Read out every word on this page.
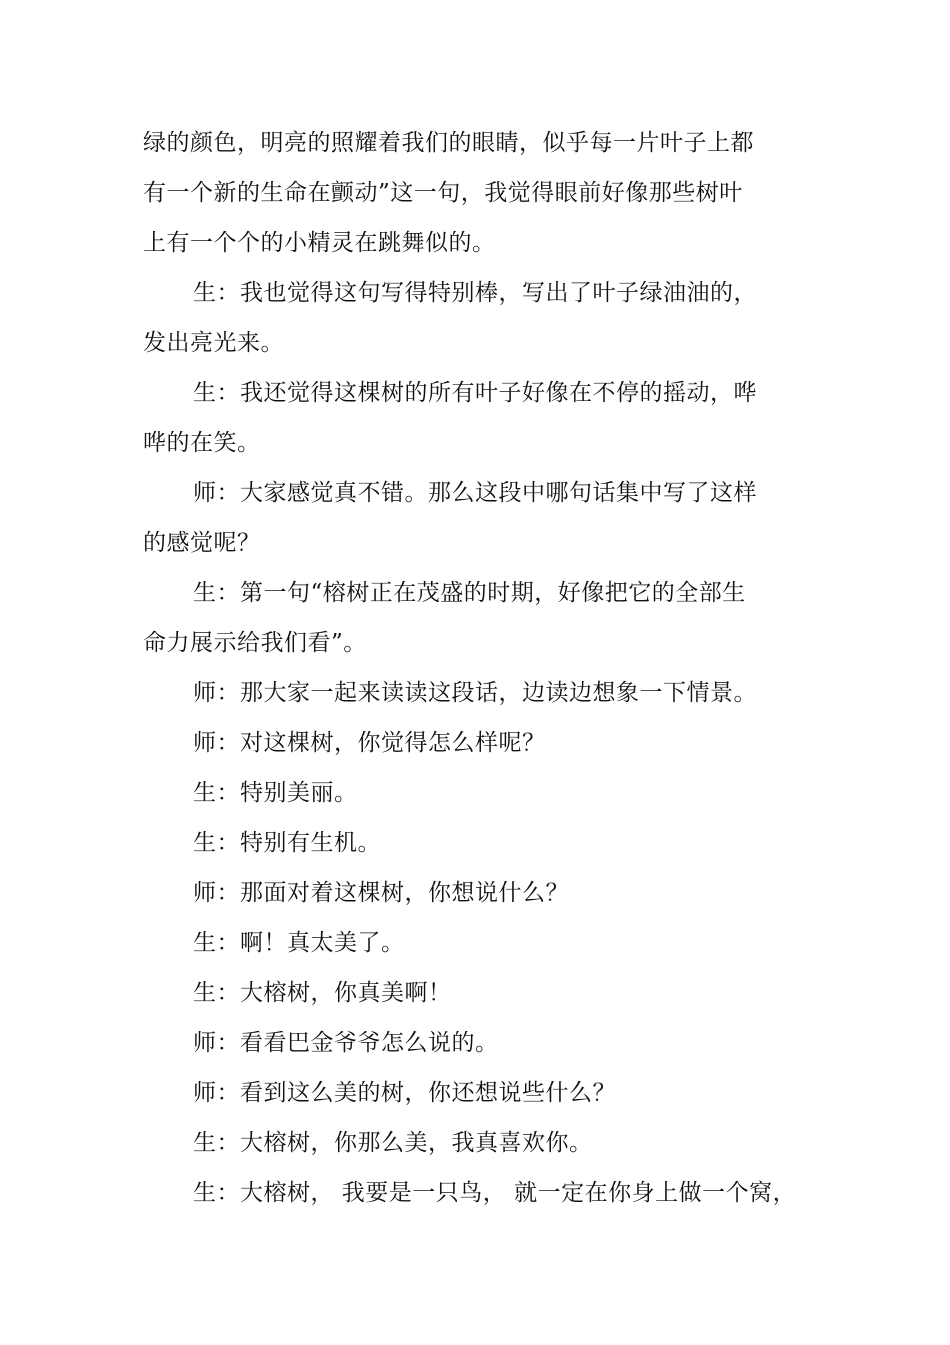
绿的颜色，明亮的照耀着我们的眼睛，似乎每一片叶子上都
有一个新的生命在颤动”这一句，我觉得眼前好像那些树叶
上有一个个的小精灵在跳舞似的。
生：我也觉得这句写得特别棒，写出了叶子绿油油的，
发出亮光来。
生：我还觉得这棵树的所有叶子好像在不停的摇动，哗
哗的在笑。
师：大家感觉真不错。那么这段中哪句话集中写了这样
的感觉呢？
生：第一句“榕树正在茂盛的时期，好像把它的全部生
命力展示给我们看”。
师：那大家一起来读读这段话，边读边想象一下情景。
师：对这棵树，你觉得怎么样呢？
生：特别美丽。
生：特别有生机。
师：那面对着这棵树，你想说什么？
生：啊！真太美了。
生：大榕树，你真美啊！
师：看看巴金爷爷怎么说的。
师：看到这么美的树，你还想说些什么？
生：大榕树，你那么美，我真喜欢你。
生：大榕树， 我要是一只鸟， 就一定在你身上做一个窝，
